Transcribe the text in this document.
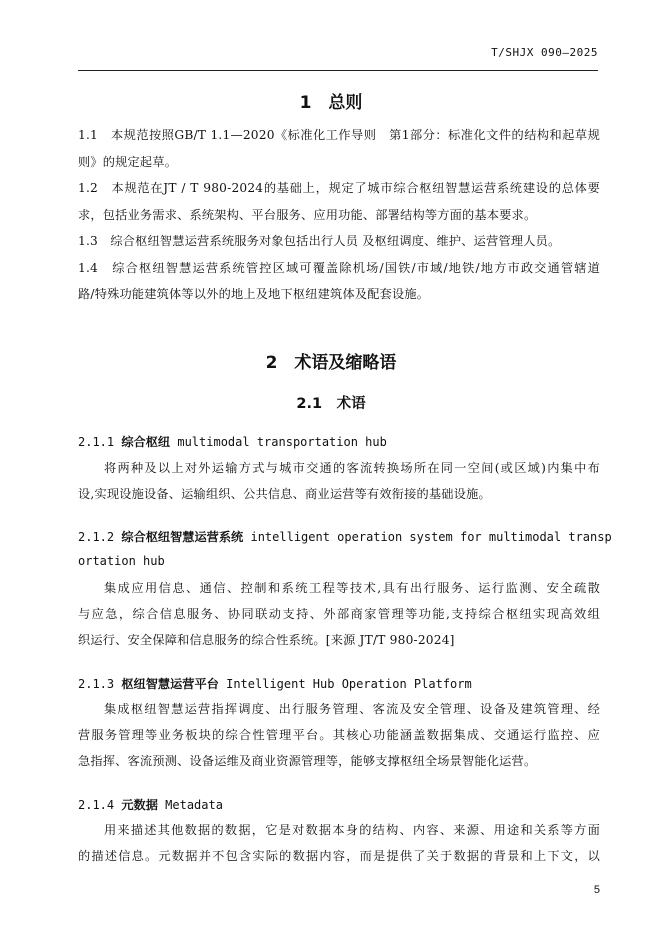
T/SHJX 090—2025
1　总则
1.1　本规范按照GB/T 1.1—2020《标准化工作导则　第1部分：标准化文件的结构和起草规
则》的规定起草。
1.2　本规范在JT / T 980-2024的基础上，规定了城市综合枢纽智慧运营系统建设的总体要
求，包括业务需求、系统架构、平台服务、应用功能、部署结构等方面的基本要求。
1.3　综合枢纽智慧运营系统服务对象包括出行人员 及枢纽调度、维护、运营管理人员。
1.4　综合枢纽智慧运营系统管控区域可覆盖除机场/国铁/市域/地铁/地方市政交通管辖道
路/特殊功能建筑体等以外的地上及地下枢纽建筑体及配套设施。
2　术语及缩略语
2.1　术语
2.1.1 综合枢纽 multimodal transportation hub
将两种及以上对外运输方式与城市交通的客流转换场所在同一空间(或区域)内集中布
设,实现设施设备、运输组织、公共信息、商业运营等有效衔接的基础设施。
2.1.2 综合枢纽智慧运营系统 intelligent operation system for multimodal transp
ortation hub
集成应用信息、通信、控制和系统工程等技术,具有出行服务、运行监测、安全疏散
与应急，综合信息服务、协同联动支持、外部商家管理等功能,支持综合枢纽实现高效组
织运行、安全保障和信息服务的综合性系统。[来源 JT/T 980-2024]
2.1.3 枢纽智慧运营平台 Intelligent Hub Operation Platform
集成枢纽智慧运营指挥调度、出行服务管理、客流及安全管理、设备及建筑管理、经
营服务管理等业务板块的综合性管理平台。其核心功能涵盖数据集成、交通运行监控、应
急指挥、客流预测、设备运维及商业资源管理等，能够支撑枢纽全场景智能化运营。
2.1.4 元数据 Metadata
用来描述其他数据的数据，它是对数据本身的结构、内容、来源、用途和关系等方面
的描述信息。元数据并不包含实际的数据内容，而是提供了关于数据的背景和上下文，以
5
